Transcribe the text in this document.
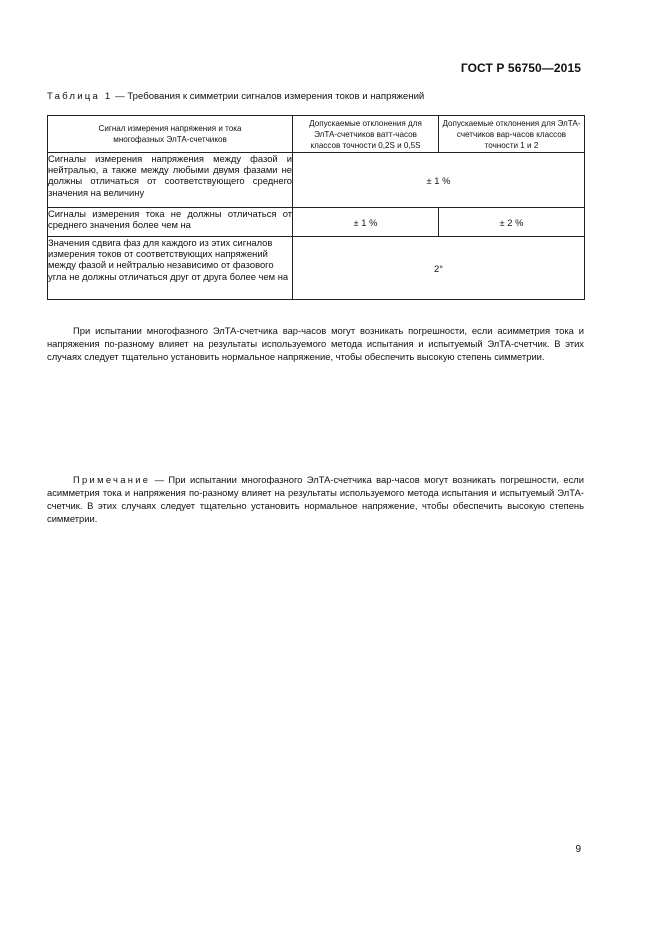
ГОСТ Р 56750—2015
Таблица 1 — Требования к симметрии сигналов измерения токов и напряжений
Сигнал измерения напряжения и тока многофазных ЭлТА-счетчиков	Допускаемые отклонения для ЭлТА-счетчиков ватт-часов классов точности 0,2S и 0,5S	Допускаемые отклонения для ЭлТА-счетчиков вар-часов классов точности 1 и 2
Сигналы измерения напряжения между фазой и нейтралью, а также между любыми двумя фазами не должны отличаться от соответствующего среднего значения на величину	± 1 %	
Сигналы измерения тока не должны отличаться от среднего значения более чем на	± 1 %	± 2 %
Значения сдвига фаз для каждого из этих сигналов измерения токов от соответствующих напряжений между фазой и нейтралью независимо от фазового угла не должны отличаться друг от друга более чем на	2°	
При испытании многофазного ЭлТА-счетчика вар-часов могут возникать погрешности, если асимметрия тока и напряжения по-разному влияет на результаты используемого метода испытания и испытуемый ЭлТА-счетчик. В этих случаях следует тщательно установить нормальное напряжение, чтобы обеспечить высокую степень симметрии.
Примечание — При испытании многофазного ЭлТА-счетчика вар-часов могут возникать погрешности, если асимметрия тока и напряжения по-разному влияет на результаты используемого метода испытания и испытуемый ЭлТА-счетчик. В этих случаях следует тщательно установить нормальное напряжение, чтобы обеспечить высокую степень симметрии.
9
